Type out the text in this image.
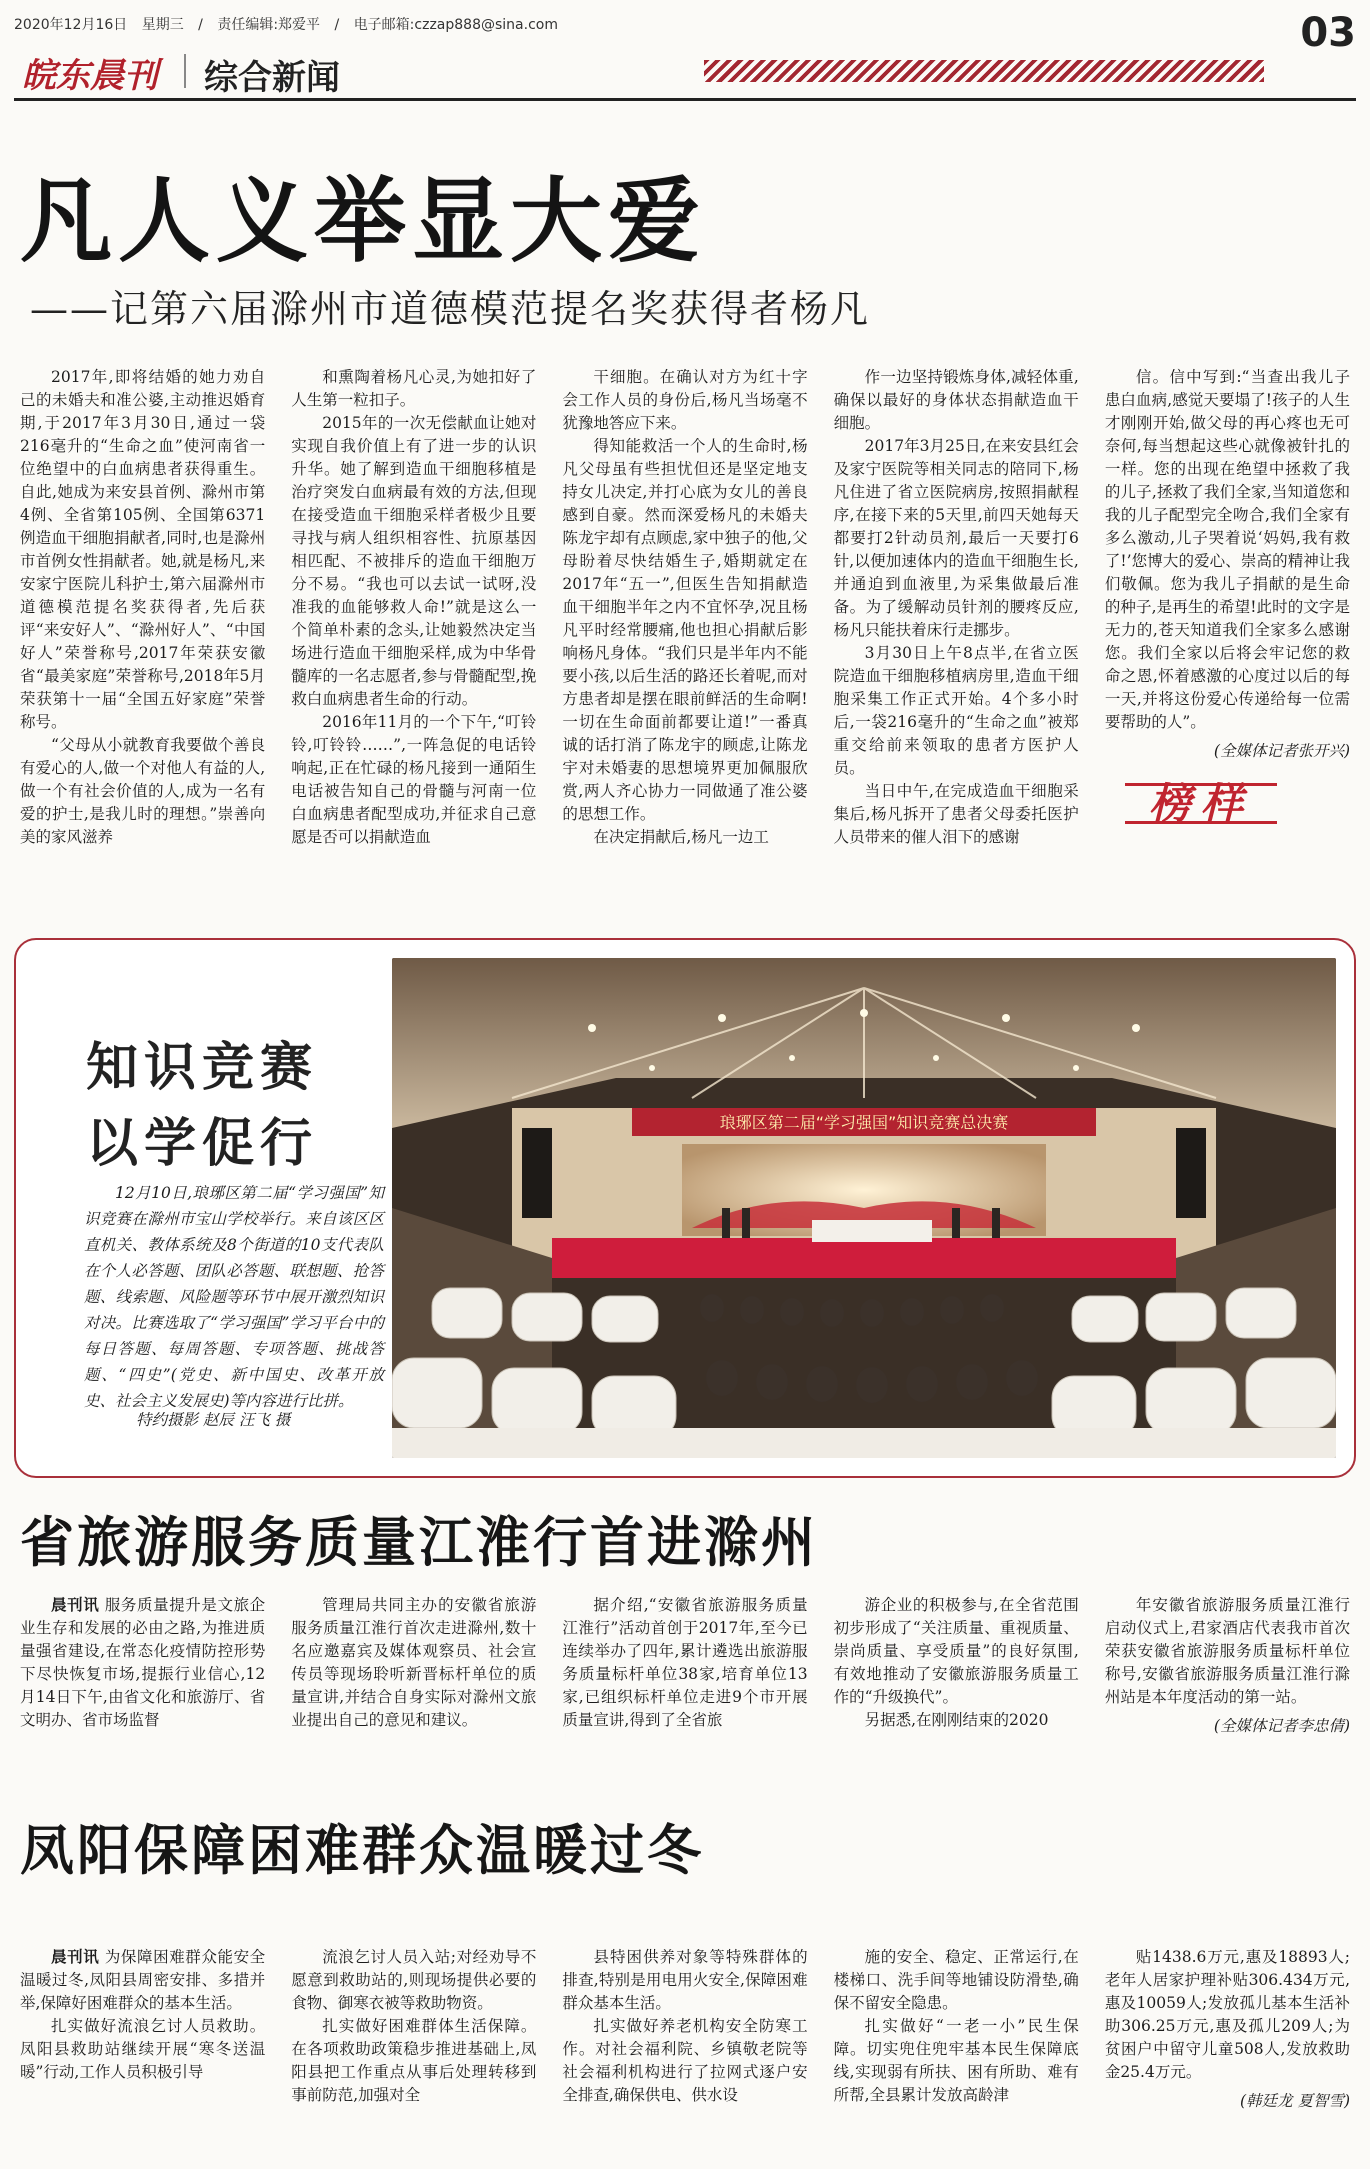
2020年12月16日 星期三 / 责任编辑:郑爱平 / 电子邮箱:czzap888@sina.com	03
皖东晨刊 综合新闻
凡人义举显大爱
——记第六届滁州市道德模范提名奖获得者杨凡

2017年,即将结婚的她力劝自己的未婚夫和准公婆,主动推迟婚育期,于2017年3月30日,通过一袋216毫升的“生命之血”使河南省一位绝望中的白血病患者获得重生。自此,她成为来安县首例、滁州市第4例、全省第105例、全国第6371例造血干细胞捐献者,同时,也是滁州市首例女性捐献者。她,就是杨凡,来安家宁医院儿科护士,第六届滁州市道德模范提名奖获得者,先后获评“来安好人”、“滁州好人”、“中国好人”荣誉称号,2017年荣获安徽省“最美家庭”荣誉称号,2018年5月荣获第十一届“全国五好家庭”荣誉称号。

“父母从小就教育我要做个善良有爱心的人,做一个对他人有益的人,做一个有社会价值的人,成为一名有爱的护士,是我儿时的理想。”崇善向美的家风滋养

和熏陶着杨凡心灵,为她扣好了人生第一粒扣子。

2015年的一次无偿献血让她对实现自我价值上有了进一步的认识升华。她了解到造血干细胞移植是治疗突发白血病最有效的方法,但现在接受造血干细胞采样者极少且要寻找与病人组织相容性、抗原基因相匹配、不被排斥的造血干细胞万分不易。“我也可以去试一试呀,没准我的血能够救人命!”就是这么一个简单朴素的念头,让她毅然决定当场进行造血干细胞采样,成为中华骨髓库的一名志愿者,参与骨髓配型,挽救白血病患者生命的行动。

2016年11月的一个下午,“叮铃铃,叮铃铃……”,一阵急促的电话铃响起,正在忙碌的杨凡接到一通陌生电话被告知自己的骨髓与河南一位白血病患者配型成功,并征求自己意愿是否可以捐献造血

干细胞。在确认对方为红十字会工作人员的身份后,杨凡当场毫不犹豫地答应下来。

得知能救活一个人的生命时,杨凡父母虽有些担忧但还是坚定地支持女儿决定,并打心底为女儿的善良感到自豪。然而深爱杨凡的未婚夫陈龙宇却有点顾虑,家中独子的他,父母盼着尽快结婚生子,婚期就定在2017年“五一”,但医生告知捐献造血干细胞半年之内不宜怀孕,况且杨凡平时经常腰痛,他也担心捐献后影响杨凡身体。“我们只是半年内不能要小孩,以后生活的路还长着呢,而对方患者却是摆在眼前鲜活的生命啊!一切在生命面前都要让道!”一番真诚的话打消了陈龙宇的顾虑,让陈龙宇对未婚妻的思想境界更加佩服欣赏,两人齐心协力一同做通了准公婆的思想工作。

在决定捐献后,杨凡一边工

作一边坚持锻炼身体,减轻体重,确保以最好的身体状态捐献造血干细胞。

2017年3月25日,在来安县红会及家宁医院等相关同志的陪同下,杨凡住进了省立医院病房,按照捐献程序,在接下来的5天里,前四天她每天都要打2针动员剂,最后一天要打6针,以便加速体内的造血干细胞生长,并通迫到血液里,为采集做最后准备。为了缓解动员针剂的腰疼反应,杨凡只能扶着床行走挪步。

3月30日上午8点半,在省立医院造血干细胞移植病房里,造血干细胞采集工作正式开始。4个多小时后,一袋216毫升的“生命之血”被郑重交给前来领取的患者方医护人员。

当日中午,在完成造血干细胞采集后,杨凡拆开了患者父母委托医护人员带来的催人泪下的感谢

信。信中写到:“当查出我儿子患白血病,感觉天要塌了!孩子的人生才刚刚开始,做父母的再心疼也无可奈何,每当想起这些心就像被针扎的一样。您的出现在绝望中拯救了我的儿子,拯救了我们全家,当知道您和我的儿子配型完全吻合,我们全家有多么激动,儿子哭着说‘妈妈,我有救了!’您博大的爱心、崇高的精神让我们敬佩。您为我儿子捐献的是生命的种子,是再生的希望!此时的文字是无力的,苍天知道我们全家多么感谢您。我们全家以后将会牢记您的救命之恩,怀着感激的心度过以后的每一天,并将这份爱心传递给每一位需要帮助的人”。

(全媒体记者张开兴)
榜样
知识竞赛
以学促行
12月10日,琅琊区第二届“学习强国”知识竞赛在滁州市宝山学校举行。来自该区区直机关、教体系统及8个街道的10支代表队在个人必答题、团队必答题、联想题、抢答题、线索题、风险题等环节中展开激烈知识对决。比赛选取了“学习强国”学习平台中的每日答题、每周答题、专项答题、挑战答题、“四史”(党史、新中国史、改革开放史、社会主义发展史)等内容进行比拼。
特约摄影 赵辰 汪飞 摄
琅琊区第二届“学习强国”知识竞赛总决赛
省旅游服务质量江淮行首进滁州

晨刊讯 服务质量提升是文旅企业生存和发展的必由之路,为推进质量强省建设,在常态化疫情防控形势下尽快恢复市场,提振行业信心,12月14日下午,由省文化和旅游厅、省文明办、省市场监督

管理局共同主办的安徽省旅游服务质量江淮行首次走进滁州,数十名应邀嘉宾及媒体观察员、社会宣传员等现场聆听新晋标杆单位的质量宣讲,并结合自身实际对滁州文旅业提出自己的意见和建议。

据介绍,“安徽省旅游服务质量江淮行”活动首创于2017年,至今已连续举办了四年,累计遴选出旅游服务质量标杆单位38家,培育单位13家,已组织标杆单位走进9个市开展质量宣讲,得到了全省旅

游企业的积极参与,在全省范围初步形成了“关注质量、重视质量、崇尚质量、享受质量”的良好氛围,有效地推动了安徽旅游服务质量工作的“升级换代”。

另据悉,在刚刚结束的2020

年安徽省旅游服务质量江淮行启动仪式上,君家酒店代表我市首次荣获安徽省旅游服务质量标杆单位称号,安徽省旅游服务质量江淮行滁州站是本年度活动的第一站。

(全媒体记者李忠倩)
凤阳保障困难群众温暖过冬

晨刊讯 为保障困难群众能安全温暖过冬,凤阳县周密安排、多措并举,保障好困难群众的基本生活。

扎实做好流浪乞讨人员救助。凤阳县救助站继续开展“寒冬送温暖”行动,工作人员积极引导

流浪乞讨人员入站;对经劝导不愿意到救助站的,则现场提供必要的食物、御寒衣被等救助物资。

扎实做好困难群体生活保障。在各项救助政策稳步推进基础上,凤阳县把工作重点从事后处理转移到事前防范,加强对全

县特困供养对象等特殊群体的排查,特别是用电用火安全,保障困难群众基本生活。

扎实做好养老机构安全防寒工作。对社会福利院、乡镇敬老院等社会福利机构进行了拉网式逐户安全排查,确保供电、供水设

施的安全、稳定、正常运行,在楼梯口、洗手间等地铺设防滑垫,确保不留安全隐患。

扎实做好“一老一小”民生保障。切实兜住兜牢基本民生保障底线,实现弱有所扶、困有所助、难有所帮,全县累计发放高龄津

贴1438.6万元,惠及18893人;老年人居家护理补贴306.434万元,惠及10059人;发放孤儿基本生活补助306.25万元,惠及孤儿209人;为贫困户中留守儿童508人,发放救助金25.4万元。

(韩廷龙 夏智雪)
